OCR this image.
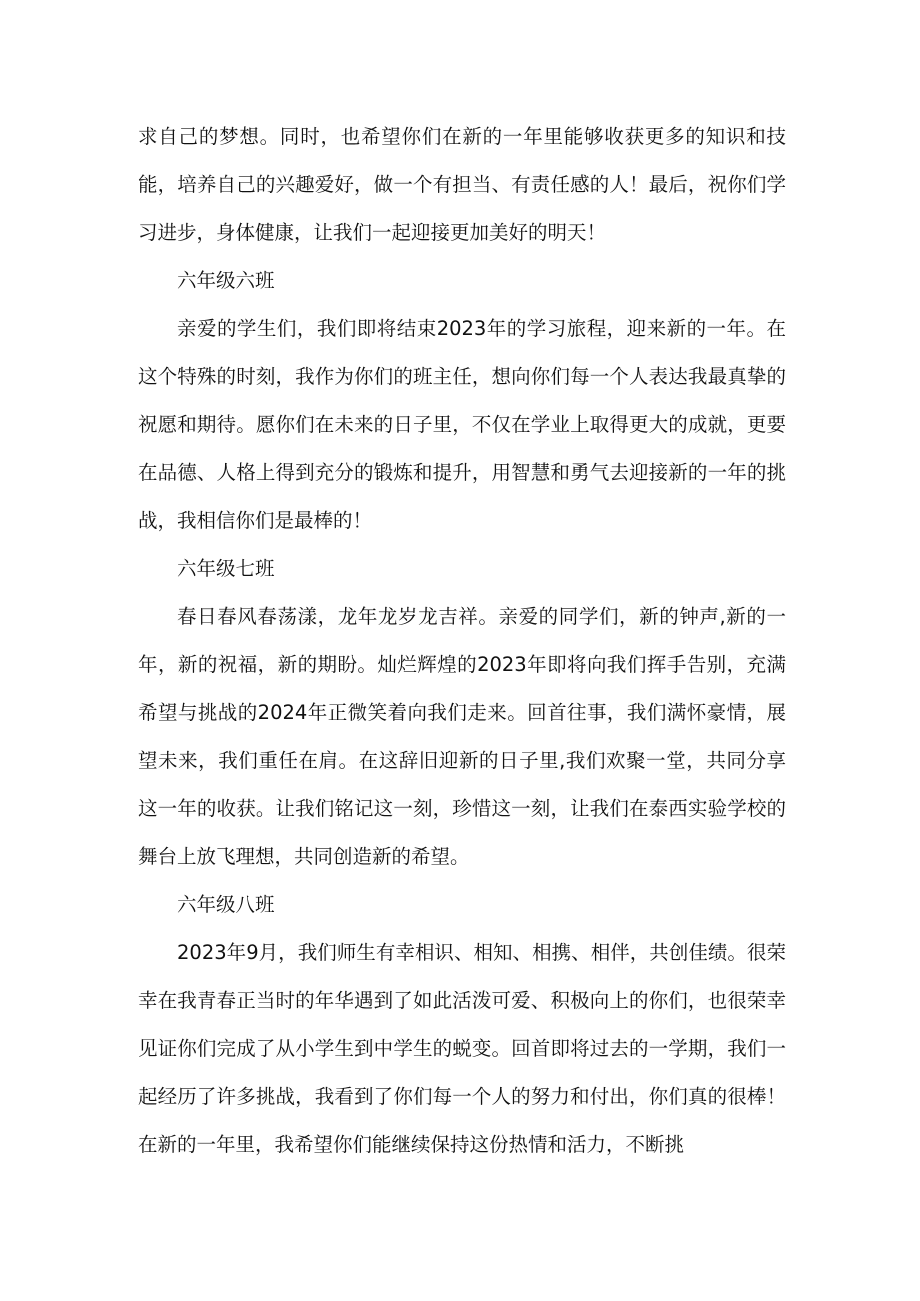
求自己的梦想。同时，也希望你们在新的一年里能够收获更多的知识和技能，培养自己的兴趣爱好，做一个有担当、有责任感的人！最后，祝你们学习进步，身体健康，让我们一起迎接更加美好的明天！

六年级六班

亲爱的学生们，我们即将结束2023年的学习旅程，迎来新的一年。在这个特殊的时刻，我作为你们的班主任，想向你们每一个人表达我最真挚的祝愿和期待。愿你们在未来的日子里，不仅在学业上取得更大的成就，更要在品德、人格上得到充分的锻炼和提升，用智慧和勇气去迎接新的一年的挑战，我相信你们是最棒的！

六年级七班

春日春风春荡漾，龙年龙岁龙吉祥。亲爱的同学们，新的钟声,新的一年，新的祝福，新的期盼。灿烂辉煌的2023年即将向我们挥手告别，充满希望与挑战的2024年正微笑着向我们走来。回首往事，我们满怀豪情，展望未来，我们重任在肩。在这辞旧迎新的日子里,我们欢聚一堂，共同分享这一年的收获。让我们铭记这一刻，珍惜这一刻，让我们在泰西实验学校的舞台上放飞理想，共同创造新的希望。

六年级八班

2023年9月，我们师生有幸相识、相知、相携、相伴，共创佳绩。很荣幸在我青春正当时的年华遇到了如此活泼可爱、积极向上的你们，也很荣幸见证你们完成了从小学生到中学生的蜕变。回首即将过去的一学期，我们一起经历了许多挑战，我看到了你们每一个人的努力和付出，你们真的很棒！在新的一年里，我希望你们能继续保持这份热情和活力，不断挑
